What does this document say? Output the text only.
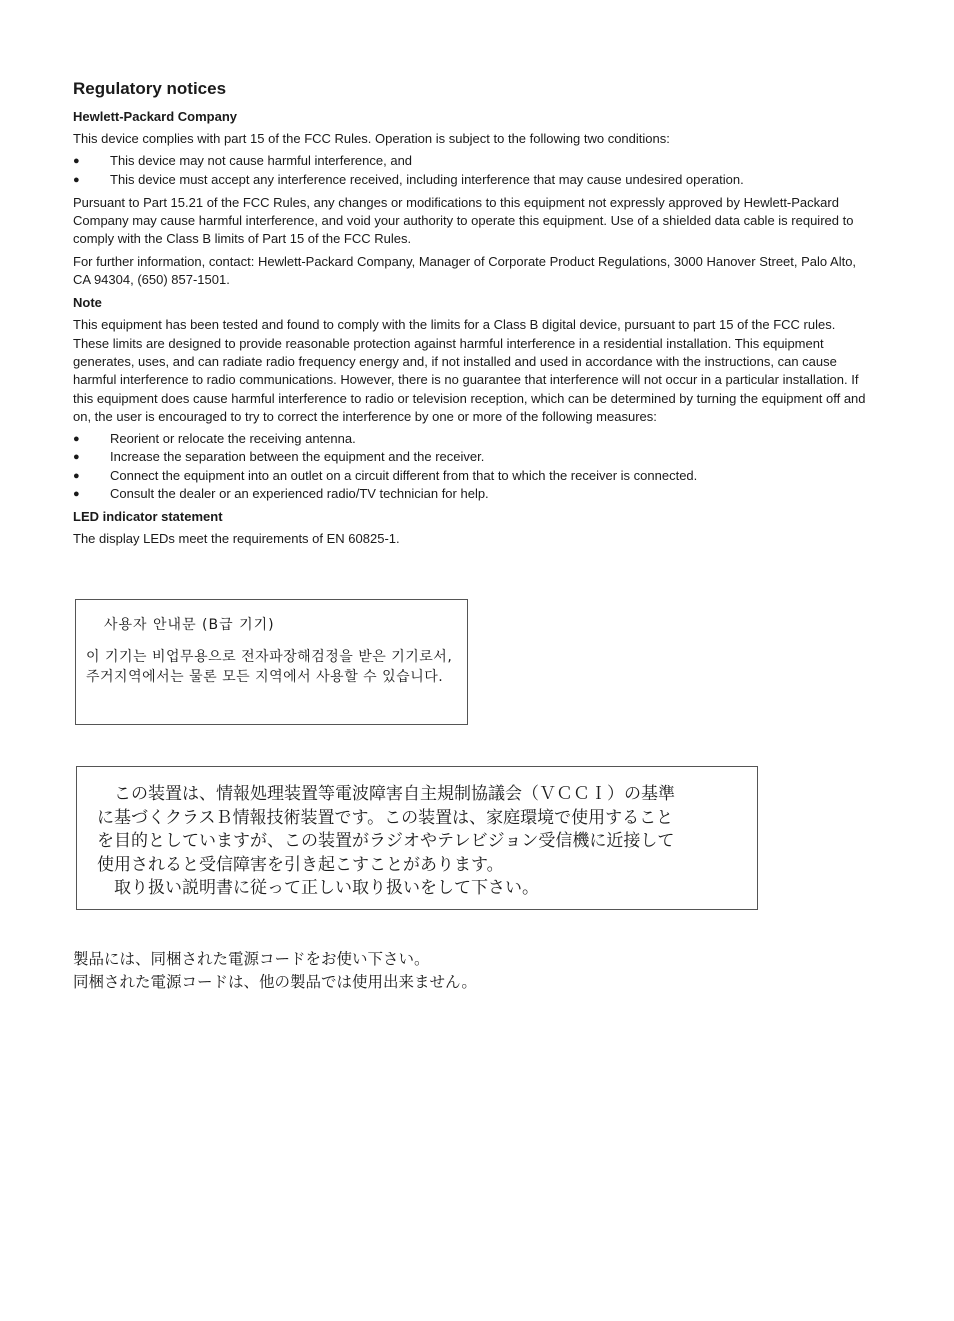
Regulatory notices
Hewlett-Packard Company

This device complies with part 15 of the FCC Rules. Operation is subject to the following two conditions:

● This device may not cause harmful interference, and
● This device must accept any interference received, including interference that may cause undesired operation.

Pursuant to Part 15.21 of the FCC Rules, any changes or modifications to this equipment not expressly approved by Hewlett-Packard Company may cause harmful interference, and void your authority to operate this equipment. Use of a shielded data cable is required to comply with the Class B limits of Part 15 of the FCC Rules.

For further information, contact: Hewlett-Packard Company, Manager of Corporate Product Regulations, 3000 Hanover Street, Palo Alto, CA 94304, (650) 857-1501.

Note

This equipment has been tested and found to comply with the limits for a Class B digital device, pursuant to part 15 of the FCC rules. These limits are designed to provide reasonable protection against harmful interference in a residential installation. This equipment generates, uses, and can radiate radio frequency energy and, if not installed and used in accordance with the instructions, can cause harmful interference to radio communications. However, there is no guarantee that interference will not occur in a particular installation. If this equipment does cause harmful interference to radio or television reception, which can be determined by turning the equipment off and on, the user is encouraged to try to correct the interference by one or more of the following measures:

● Reorient or relocate the receiving antenna.
● Increase the separation between the equipment and the receiver.
● Connect the equipment into an outlet on a circuit different from that to which the receiver is connected.
● Consult the dealer or an experienced radio/TV technician for help.
LED indicator statement

The display LEDs meet the requirements of EN 60825-1.

사용자 안내문 (B급 기기)
이 기기는 비업무용으로 전자파장해검정을 받은 기기로서, 주거지역에서는 물론 모든 지역에서 사용할 수 있습니다.
　この装置は、情報処理装置等電波障害自主規制協議会（ＶＣＣＩ）の基準
に基づくクラスＢ情報技術装置です。この装置は、家庭環境で使用すること
を目的としていますが、この装置がラジオやテレビジョン受信機に近接して
使用されると受信障害を引き起こすことがあります。
　取り扱い説明書に従って正しい取り扱いをして下さい。
製品には、同梱された電源コードをお使い下さい。
同梱された電源コードは、他の製品では使用出来ません。
